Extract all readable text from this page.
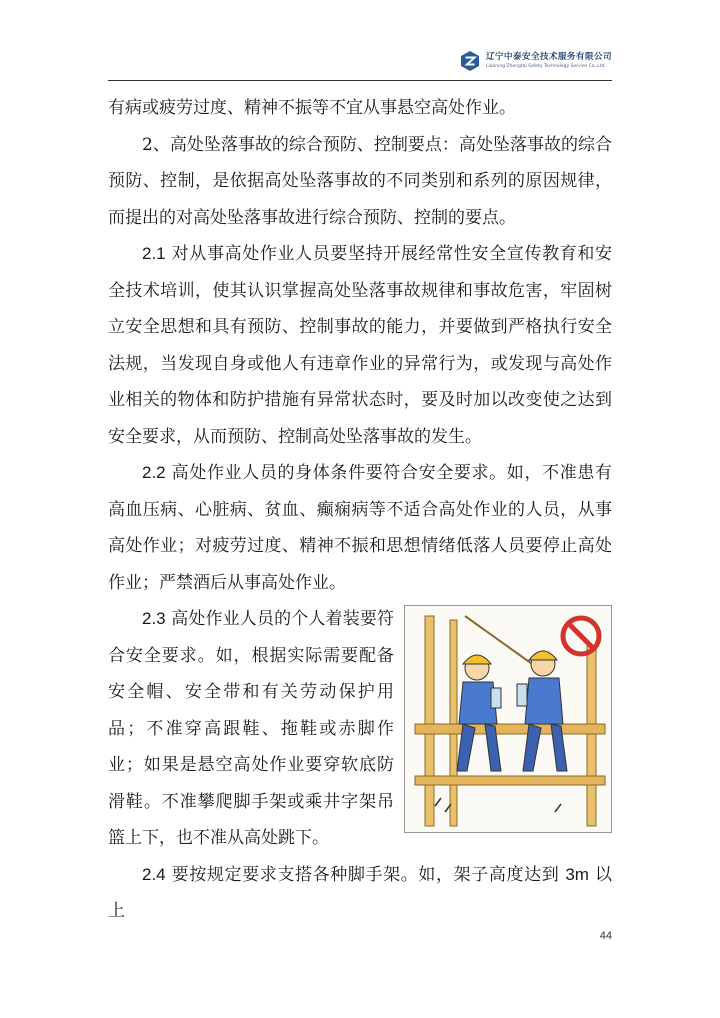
辽宁中泰安全技术服务有限公司
Liaoning Zhongtai Safety Technology Service Co.,Ltd.

有病或疲劳过度、精神不振等不宜从事悬空高处作业。

2、高处坠落事故的综合预防、控制要点：高处坠落事故的综合预防、控制，是依据高处坠落事故的不同类别和系列的原因规律，而提出的对高处坠落事故进行综合预防、控制的要点。

2.1 对从事高处作业人员要坚持开展经常性安全宣传教育和安全技术培训，使其认识掌握高处坠落事故规律和事故危害，牢固树立安全思想和具有预防、控制事故的能力，并要做到严格执行安全法规，当发现自身或他人有违章作业的异常行为，或发现与高处作业相关的物体和防护措施有异常状态时，要及时加以改变使之达到安全要求，从而预防、控制高处坠落事故的发生。

2.2 高处作业人员的身体条件要符合安全要求。如，不准患有高血压病、心脏病、贫血、癫痫病等不适合高处作业的人员，从事高处作业；对疲劳过度、精神不振和思想情绪低落人员要停止高处作业；严禁酒后从事高处作业。

2.3 高处作业人员的个人着装要符合安全要求。如，根据实际需要配备安全帽、安全带和有关劳动保护用品；不准穿高跟鞋、拖鞋或赤脚作业；如果是悬空高处作业要穿软底防滑鞋。不准攀爬脚手架或乘井字架吊篮上下，也不准从高处跳下。

2.4 要按规定要求支搭各种脚手架。如，架子高度达到 3m 以上

44
